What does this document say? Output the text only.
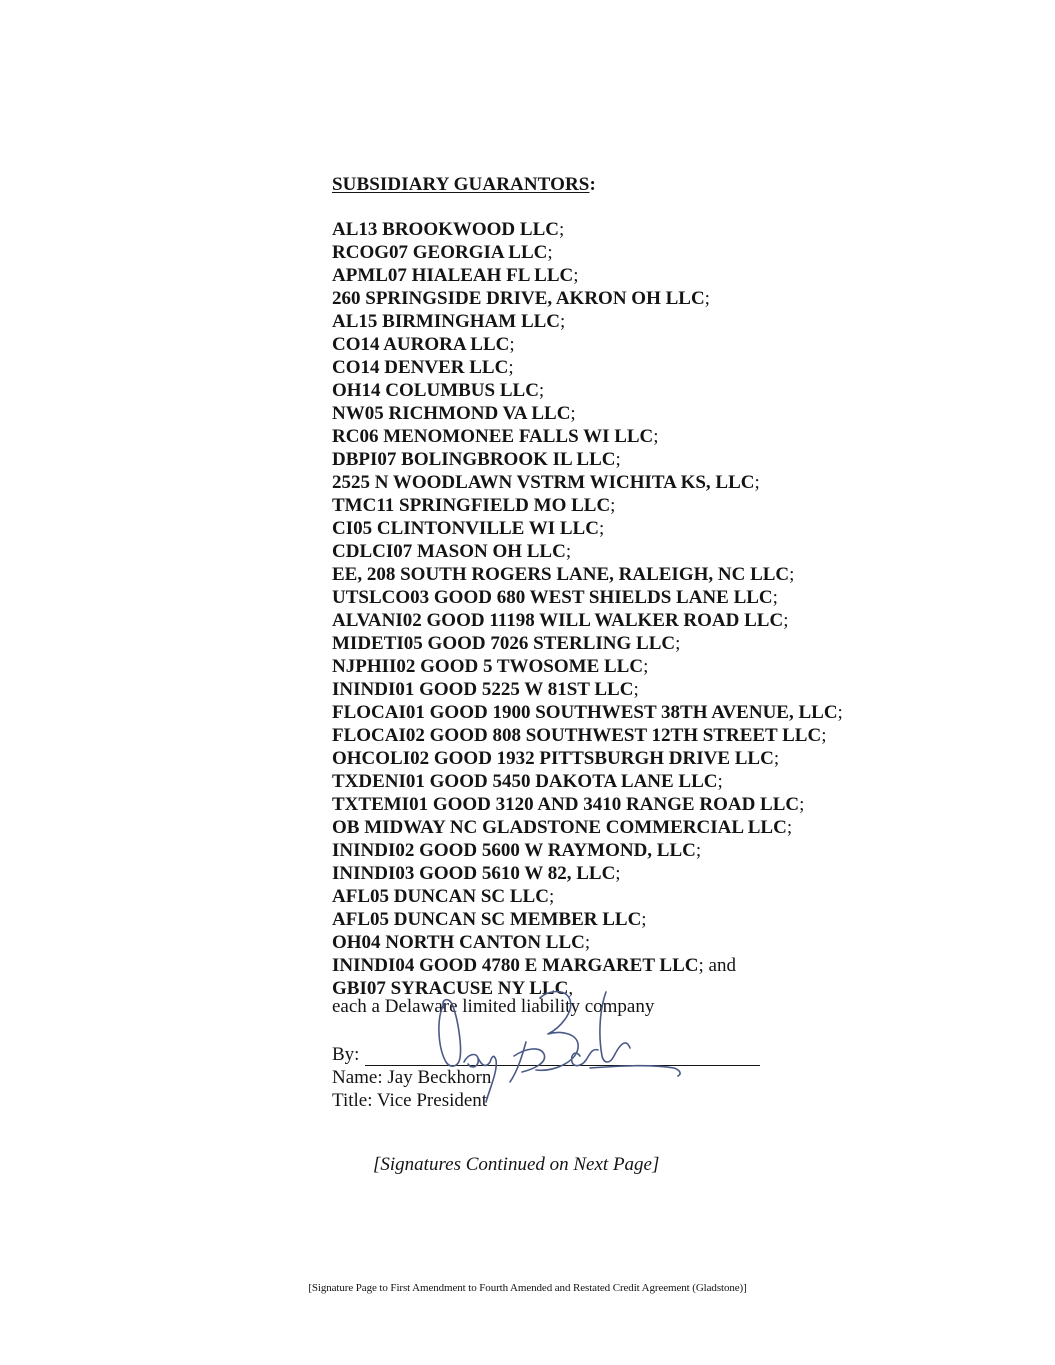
SUBSIDIARY GUARANTORS:
AL13 BROOKWOOD LLC;
RCOG07 GEORGIA LLC;
APML07 HIALEAH FL LLC;
260 SPRINGSIDE DRIVE, AKRON OH LLC;
AL15 BIRMINGHAM LLC;
CO14 AURORA LLC;
CO14 DENVER LLC;
OH14 COLUMBUS LLC;
NW05 RICHMOND VA LLC;
RC06 MENOMONEE FALLS WI LLC;
DBPI07 BOLINGBROOK IL LLC;
2525 N WOODLAWN VSTRM WICHITA KS, LLC;
TMC11 SPRINGFIELD MO LLC;
CI05 CLINTONVILLE WI LLC;
CDLCI07 MASON OH LLC;
EE, 208 SOUTH ROGERS LANE, RALEIGH, NC LLC;
UTSLCO03 GOOD 680 WEST SHIELDS LANE LLC;
ALVANI02 GOOD 11198 WILL WALKER ROAD LLC;
MIDETI05 GOOD 7026 STERLING LLC;
NJPHII02 GOOD 5 TWOSOME LLC;
ININDI01 GOOD 5225 W 81ST LLC;
FLOCAI01 GOOD 1900 SOUTHWEST 38TH AVENUE, LLC;
FLOCAI02 GOOD 808 SOUTHWEST 12TH STREET LLC;
OHCOLI02 GOOD 1932 PITTSBURGH DRIVE LLC;
TXDENI01 GOOD 5450 DAKOTA LANE LLC;
TXTEMI01 GOOD 3120 AND 3410 RANGE ROAD LLC;
OB MIDWAY NC GLADSTONE COMMERCIAL LLC;
ININDI02 GOOD 5600 W RAYMOND, LLC;
ININDI03 GOOD 5610 W 82, LLC;
AFL05 DUNCAN SC LLC;
AFL05 DUNCAN SC MEMBER LLC;
OH04 NORTH CANTON LLC;
ININDI04 GOOD 4780 E MARGARET LLC; and
GBI07 SYRACUSE NY LLC,
each a Delaware limited liability company
By:
Name: Jay Beckhorn
Title: Vice President
[Signatures Continued on Next Page]
[Signature Page to First Amendment to Fourth Amended and Restated Credit Agreement (Gladstone)]
